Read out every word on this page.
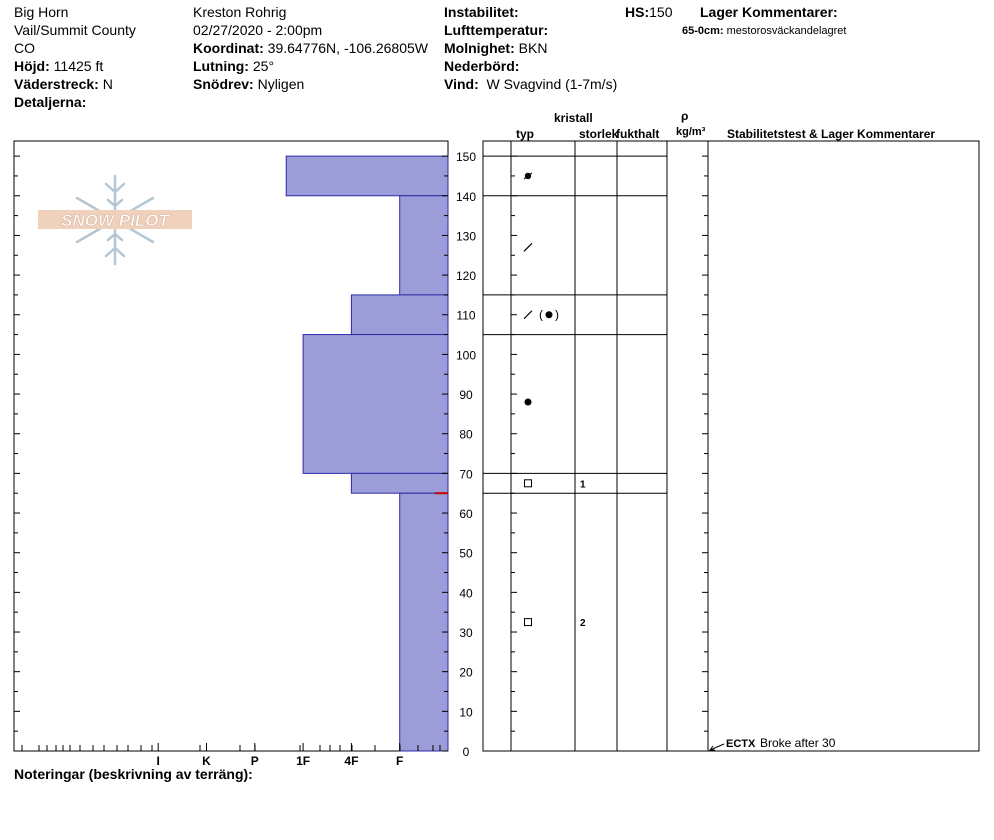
Big Horn
Vail/Summit County
CO
Höjd: 11425 ft
Väderstreck: N
Detaljerna:
Kreston Rohrig
02/27/2020 - 2:00pm
Koordinat: 39.64776N, -106.26805W
Lutning: 25°
Snödrev: Nyligen
Instabilitet:
Lufttemperatur:
Molnighet: BKN
Nederbörd:
Vind: W Svagvind (1-7m/s)
HS:150 Lager Kommentarer:
65-0cm: mestorosväckandelagret
kristall
typ	storlek
fukthalt
ρ
kg/m³ Stabilitetstest & Lager Kommentarer
( )
1
2
0
10
20
30
40
50
60
70
80
90
100
110
120
130
140
150
I	K	P	1F	4F	F
ECTX Broke after 30
SNOW PILOT
Noteringar (beskrivning av terräng):
